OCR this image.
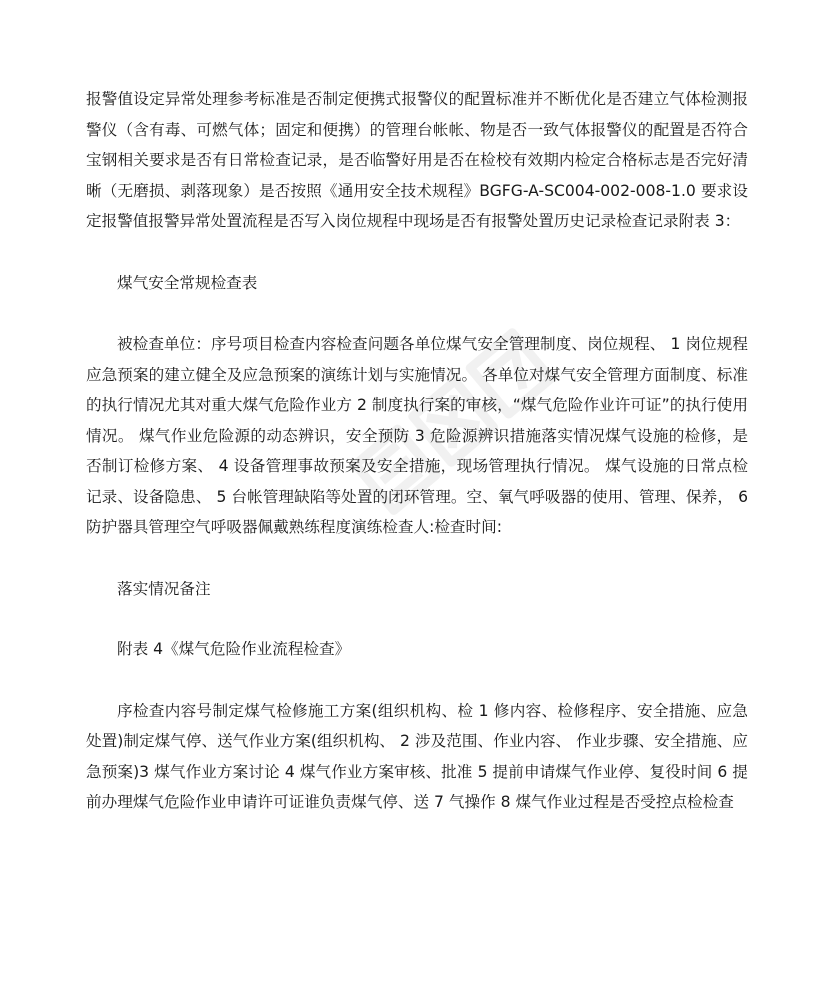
报警值设定异常处理参考标准是否制定便携式报警仪的配置标准并不断优化是否建立气体检测报警仪（含有毒、可燃气体；固定和便携）的管理台帐帐、物是否一致气体报警仪的配置是否符合宝钢相关要求是否有日常检查记录，是否临警好用是否在检校有效期内检定合格标志是否完好清晰（无磨损、剥落现象）是否按照《通用安全技术规程》BGFG-A-SC004-002-008-1.0 要求设定报警值报警异常处置流程是否写入岗位规程中现场是否有报警处置历史记录检查记录附表 3：

煤气安全常规检查表

被检查单位：序号项目检查内容检查问题各单位煤气安全管理制度、岗位规程、 1 岗位规程应急预案的建立健全及应急预案的演练计划与实施情况。 各单位对煤气安全管理方面制度、标准的执行情况尤其对重大煤气危险作业方 2 制度执行案的审核，“煤气危险作业许可证”的执行使用情况。 煤气作业危险源的动态辨识，安全预防 3 危险源辨识措施落实情况煤气设施的检修，是否制订检修方案、 4 设备管理事故预案及安全措施，现场管理执行情况。 煤气设施的日常点检记录、设备隐患、 5 台帐管理缺陷等处置的闭环管理。空、氧气呼吸器的使用、管理、保养， 6 防护器具管理空气呼吸器佩戴熟练程度演练检查人:检查时间:

落实情况备注

附表 4《煤气危险作业流程检查》

序检查内容号制定煤气检修施工方案(组织机构、检 1 修内容、检修程序、安全措施、应急处置)制定煤气停、送气作业方案(组织机构、 2 涉及范围、作业内容、 作业步骤、安全措施、应急预案)3 煤气作业方案讨论 4 煤气作业方案审核、批准 5 提前申请煤气作业停、复役时间 6 提前办理煤气危险作业申请许可证谁负责煤气停、送 7 气操作 8 煤气作业过程是否受控点检检查
